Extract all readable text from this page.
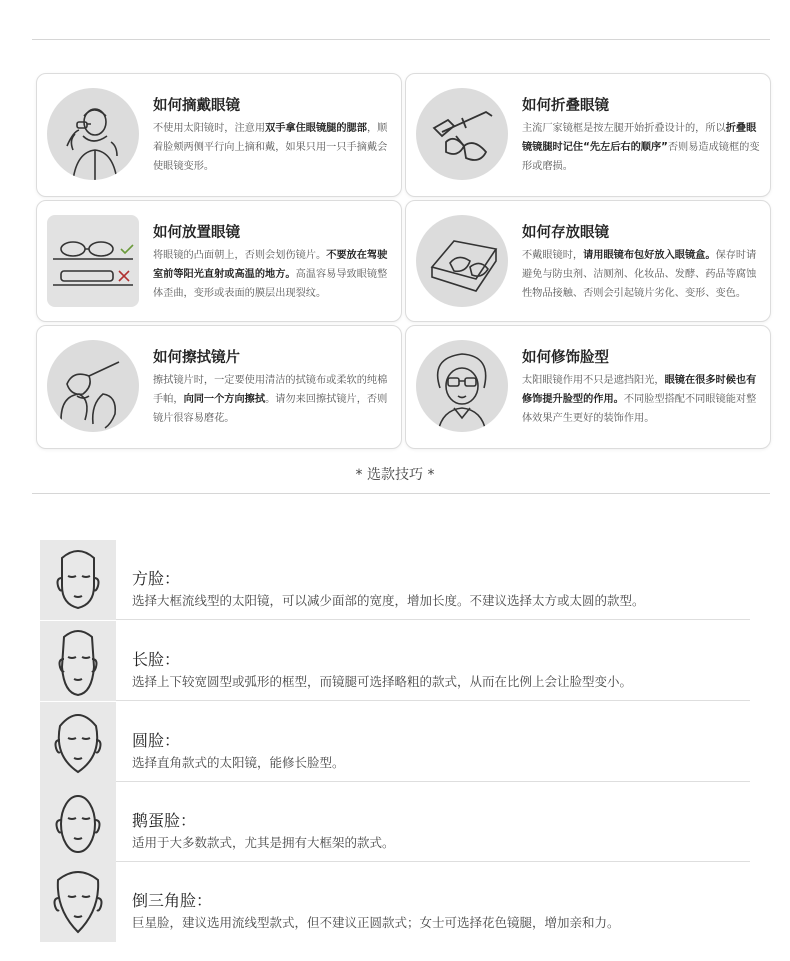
如何摘戴眼镜
不使用太阳镜时，注意用双手拿住眼镜腿的腮部，顺着脸颊两侧平行向上摘和戴，如果只用一只手摘戴会使眼镜变形。
如何折叠眼镜
主流厂家镜框是按左腿开始折叠设计的，所以折叠眼镜镜腿时记住“先左后右的顺序”否则易造成镜框的变形或磨损。
如何放置眼镜
将眼镜的凸面朝上，否则会划伤镜片。不要放在驾驶室前等阳光直射或高温的地方。高温容易导致眼镜整体歪曲，变形或表面的膜层出现裂纹。
如何存放眼镜
不戴眼镜时，请用眼镜布包好放入眼镜盒。保存时请避免与防虫剂、洁厕剂、化妆品、发酵、药品等腐蚀性物品接触、否则会引起镜片劣化、变形、变色。
如何擦拭镜片
擦拭镜片时，一定要使用清洁的拭镜布或柔软的纯棉手帕，向同一个方向擦拭。请勿来回擦拭镜片，否则镜片很容易磨花。
如何修饰脸型
太阳眼镜作用不只是遮挡阳光，眼镜在很多时候也有修饰提升脸型的作用。不同脸型搭配不同眼镜能对整体效果产生更好的装饰作用。
* 选款技巧 *
方脸：
选择大框流线型的太阳镜，可以减少面部的宽度，增加长度。不建议选择太方或太圆的款型。
长脸：
选择上下较宽圆型或弧形的框型，而镜腿可选择略粗的款式，从而在比例上会让脸型变小。
圆脸：
选择直角款式的太阳镜，能修长脸型。
鹅蛋脸：
适用于大多数款式，尤其是拥有大框架的款式。
倒三角脸：
巨星脸，建议选用流线型款式，但不建议正圆款式；女士可选择花色镜腿，增加亲和力。
